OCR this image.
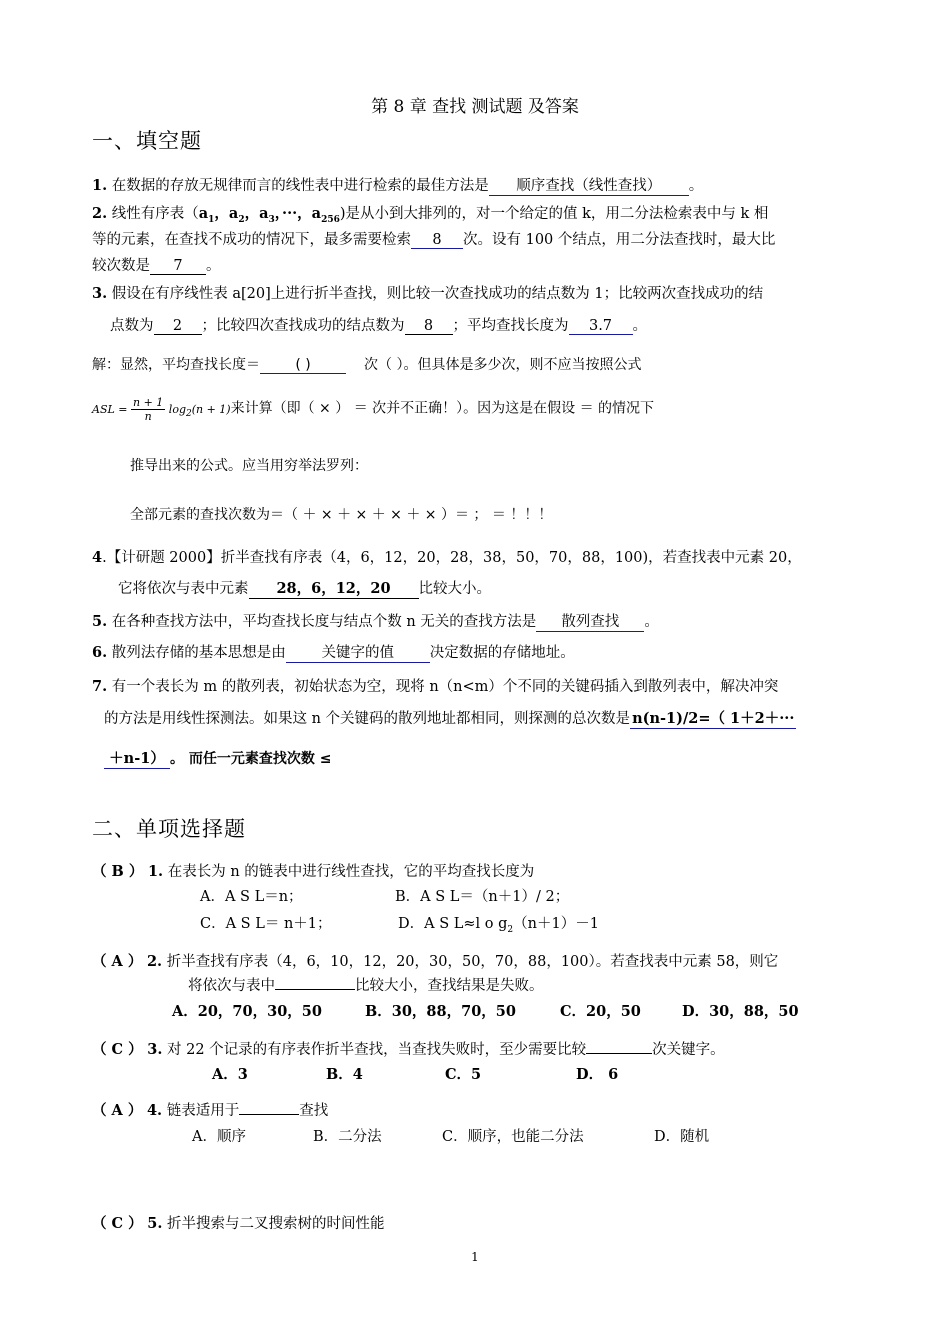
第 8 章 查找 测试题 及答案
一、填空题
1. 在数据的存放无规律而言的线性表中进行检索的最佳方法是 顺序查找（线性查找） 。
2. 线性有序表（$a_1$，$a_2$，$a_3$，···，$a_{256}$)是从小到大排列的，对一个给定的值 k，用二分法检索表中与 k 相
等的元素，在查找不成功的情况下，最多需要检索 8 次。设有 100 个结点，用二分法查找时，最大比
较次数是 7 。
3. 假设在有序线性表 a[20]上进行折半查找，则比较一次查找成功的结点数为 1；比较两次查找成功的结
点数为 2 ；比较四次查找成功的结点数为 8 ；平均查找长度为 3.7 。
解：显然，平均查找长度＝	( )	次（ ）。但具体是多少次，则不应当按照公式
ASL = $\frac{n + 1}{n} \log_2(n + 1)$来计算（即（ × ） ＝ 次并不正确！）。因为这是在假设 ＝ 的情况下
推导出来的公式。应当用穷举法罗列：
全部元素的查找次数为＝（ ＋ × ＋ × ＋ × ＋ × ）＝ ； ＝ ！！！
4.【计研题 2000】折半查找有序表（4，6，12，20，28，38，50，70，88，100)，若查找表中元素 20，
它将依次与表中元素 28，6，12，20 比较大小。
5. 在各种查找方法中，平均查找长度与结点个数 n 无关的查找方法是 散列查找 。
6. 散列法存储的基本思想是由 关键字的值 决定数据的存储地址。
7. 有一个表长为 m 的散列表，初始状态为空，现将 n（n<m）个不同的关键码插入到散列表中，解决冲突
的方法是用线性探测法。如果这 n 个关键码的散列地址都相同，则探测的总次数是 n(n-1)/2=（ 1＋2＋···
＋n-1） 。 而任一元素查找次数 ≤
二、单项选择题
（ B ） 1. 在表长为 n 的链表中进行线性查找，它的平均查找长度为
A．A S L＝n；	B．A S L＝（n＋1）/ 2；
C．A S L＝ n＋1；	D．A S L≈l o $g_2(n+1)-1$
（ A ） 2. 折半查找有序表（4，6，10，12，20，30，50，70，88，100）。若查找表中元素 58，则它
将依次与表中	比较大小，查找结果是失败。
A．20，70，30，50	B．30，88，70，50	C．20，50	D．30，88，50
（ C ） 3. 对 22 个记录的有序表作折半查找，当查找失败时，至少需要比较	次关键字。
A．3	B．4	C．5	D． 6
（ A ） 4. 链表适用于	查找
A．顺序	B．二分法	C．顺序，也能二分法	D．随机
（ C ） 5. 折半搜索与二叉搜索树的时间性能
1
